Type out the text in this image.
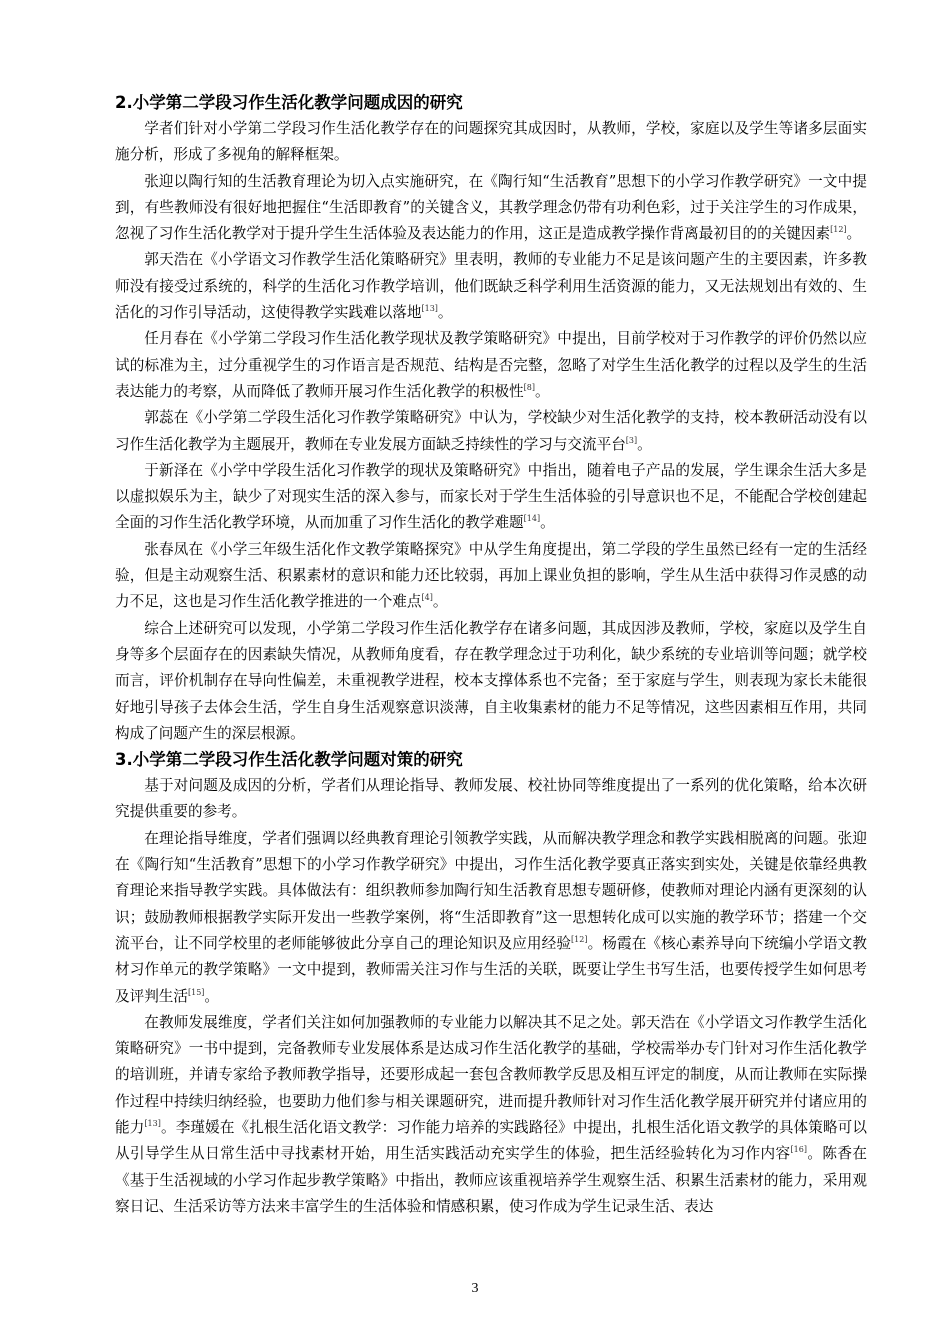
2.小学第二学段习作生活化教学问题成因的研究

学者们针对小学第二学段习作生活化教学存在的问题探究其成因时，从教师，学校，家庭以及学生等诸多层面实施分析，形成了多视角的解释框架。

张迎以陶行知的生活教育理论为切入点实施研究，在《陶行知“生活教育”思想下的小学习作教学研究》一文中提到，有些教师没有很好地把握住“生活即教育”的关键含义，其教学理念仍带有功利色彩，过于关注学生的习作成果，忽视了习作生活化教学对于提升学生生活体验及表达能力的作用，这正是造成教学操作背离最初目的的关键因素[12]。

郭天浩在《小学语文习作教学生活化策略研究》里表明，教师的专业能力不足是该问题产生的主要因素，许多教师没有接受过系统的，科学的生活化习作教学培训，他们既缺乏科学利用生活资源的能力，又无法规划出有效的、生活化的习作引导活动，这使得教学实践难以落地[13]。

任月春在《小学第二学段习作生活化教学现状及教学策略研究》中提出，目前学校对于习作教学的评价仍然以应试的标准为主，过分重视学生的习作语言是否规范、结构是否完整，忽略了对学生生活化教学的过程以及学生的生活表达能力的考察，从而降低了教师开展习作生活化教学的积极性[8]。

郭蕊在《小学第二学段生活化习作教学策略研究》中认为，学校缺少对生活化教学的支持，校本教研活动没有以习作生活化教学为主题展开，教师在专业发展方面缺乏持续性的学习与交流平台[3]。

于新泽在《小学中学段生活化习作教学的现状及策略研究》中指出，随着电子产品的发展，学生课余生活大多是以虚拟娱乐为主，缺少了对现实生活的深入参与，而家长对于学生生活体验的引导意识也不足，不能配合学校创建起全面的习作生活化教学环境，从而加重了习作生活化的教学难题[14]。

张春凤在《小学三年级生活化作文教学策略探究》中从学生角度提出，第二学段的学生虽然已经有一定的生活经验，但是主动观察生活、积累素材的意识和能力还比较弱，再加上课业负担的影响，学生从生活中获得习作灵感的动力不足，这也是习作生活化教学推进的一个难点[4]。

综合上述研究可以发现，小学第二学段习作生活化教学存在诸多问题，其成因涉及教师，学校，家庭以及学生自身等多个层面存在的因素缺失情况，从教师角度看，存在教学理念过于功利化，缺少系统的专业培训等问题；就学校而言，评价机制存在导向性偏差，未重视教学进程，校本支撑体系也不完备；至于家庭与学生，则表现为家长未能很好地引导孩子去体会生活，学生自身生活观察意识淡薄，自主收集素材的能力不足等情况，这些因素相互作用，共同构成了问题产生的深层根源。

3.小学第二学段习作生活化教学问题对策的研究

基于对问题及成因的分析，学者们从理论指导、教师发展、校社协同等维度提出了一系列的优化策略，给本次研究提供重要的参考。

在理论指导维度，学者们强调以经典教育理论引领教学实践，从而解决教学理念和教学实践相脱离的问题。张迎在《陶行知“生活教育”思想下的小学习作教学研究》中提出，习作生活化教学要真正落实到实处，关键是依靠经典教育理论来指导教学实践。具体做法有：组织教师参加陶行知生活教育思想专题研修，使教师对理论内涵有更深刻的认识；鼓励教师根据教学实际开发出一些教学案例，将“生活即教育”这一思想转化成可以实施的教学环节；搭建一个交流平台，让不同学校里的老师能够彼此分享自己的理论知识及应用经验[12]。杨霞在《核心素养导向下统编小学语文教材习作单元的教学策略》一文中提到，教师需关注习作与生活的关联，既要让学生书写生活，也要传授学生如何思考及评判生活[15]。

在教师发展维度，学者们关注如何加强教师的专业能力以解决其不足之处。郭天浩在《小学语文习作教学生活化策略研究》一书中提到，完备教师专业发展体系是达成习作生活化教学的基础，学校需举办专门针对习作生活化教学的培训班，并请专家给予教师教学指导，还要形成起一套包含教师教学反思及相互评定的制度，从而让教师在实际操作过程中持续归纳经验，也要助力他们参与相关课题研究，进而提升教师针对习作生活化教学展开研究并付诸应用的能力[13]。李瑾媛在《扎根生活化语文教学：习作能力培养的实践路径》中提出，扎根生活化语文教学的具体策略可以从引导学生从日常生活中寻找素材开始，用生活实践活动充实学生的体验，把生活经验转化为习作内容[16]。陈香在《基于生活视域的小学习作起步教学策略》中指出，教师应该重视培养学生观察生活、积累生活素材的能力，采用观察日记、生活采访等方法来丰富学生的生活体验和情感积累，使习作成为学生记录生活、表达

3
